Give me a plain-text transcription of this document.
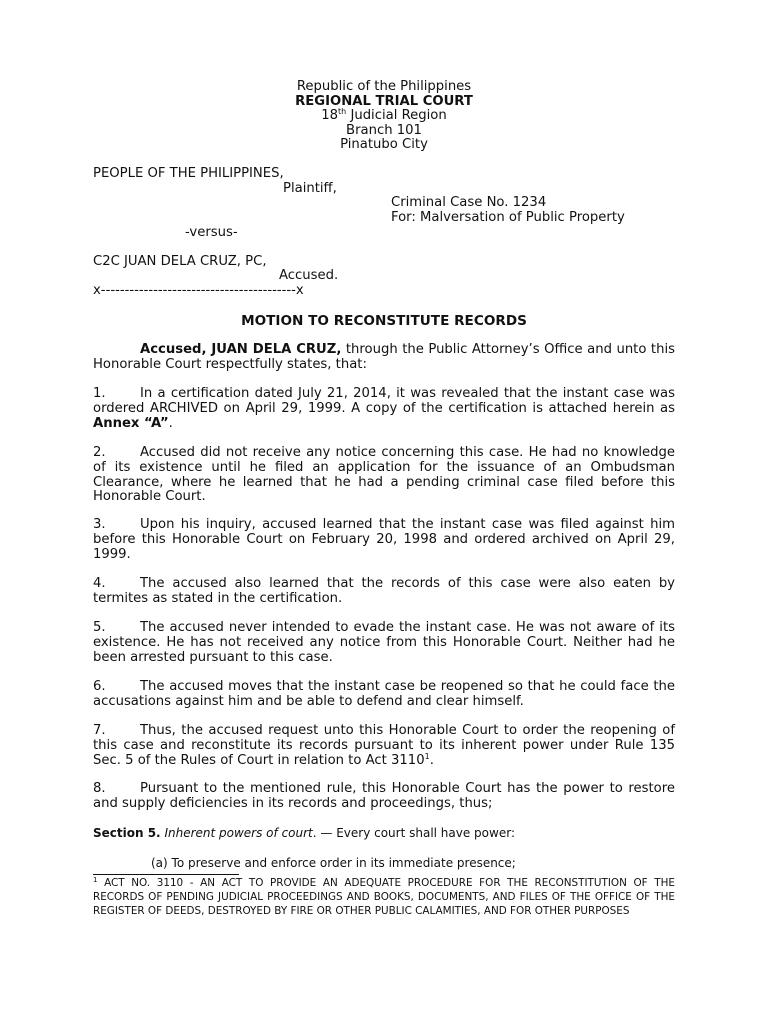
Republic of the Philippines
REGIONAL TRIAL COURT
18th Judicial Region
Branch 101
Pinatubo City
PEOPLE OF THE PHILIPPINES,
Plaintiff,
Criminal Case No. 1234
For: Malversation of Public Property
-versus-
C2C JUAN DELA CRUZ, PC,
Accused.
x-----------------------------------------x
MOTION TO RECONSTITUTE RECORDS
Accused, JUAN DELA CRUZ, through the Public Attorney’s Office and unto this Honorable Court respectfully states, that:
1.	In a certification dated July 21, 2014, it was revealed that the instant case was ordered ARCHIVED on April 29, 1999. A copy of the certification is attached herein as Annex “A”.
2.	Accused did not receive any notice concerning this case. He had no knowledge of its existence until he filed an application for the issuance of an Ombudsman Clearance, where he learned that he had a pending criminal case filed before this Honorable Court.
3.	Upon his inquiry, accused learned that the instant case was filed against him before this Honorable Court on February 20, 1998 and ordered archived on April 29, 1999.
4.	The accused also learned that the records of this case were also eaten by termites as stated in the certification.
5.	The accused never intended to evade the instant case. He was not aware of its existence. He has not received any notice from this Honorable Court. Neither had he been arrested pursuant to this case.
6.	The accused moves that the instant case be reopened so that he could face the accusations against him and be able to defend and clear himself.
7.	Thus, the accused request unto this Honorable Court to order the reopening of this case and reconstitute its records pursuant to its inherent power under Rule 135 Sec. 5 of the Rules of Court in relation to Act 3110$^1$.
8.	Pursuant to the mentioned rule, this Honorable Court has the power to restore and supply deficiencies in its records and proceedings, thus;
Section 5. Inherent powers of court. — Every court shall have power:
(a) To preserve and enforce order in its immediate presence;
$^1$ ACT NO. 3110 - AN ACT TO PROVIDE AN ADEQUATE PROCEDURE FOR THE RECONSTITUTION OF THE RECORDS OF PENDING JUDICIAL PROCEEDINGS AND BOOKS, DOCUMENTS, AND FILES OF THE OFFICE OF THE REGISTER OF DEEDS, DESTROYED BY FIRE OR OTHER PUBLIC CALAMITIES, AND FOR OTHER PURPOSES
